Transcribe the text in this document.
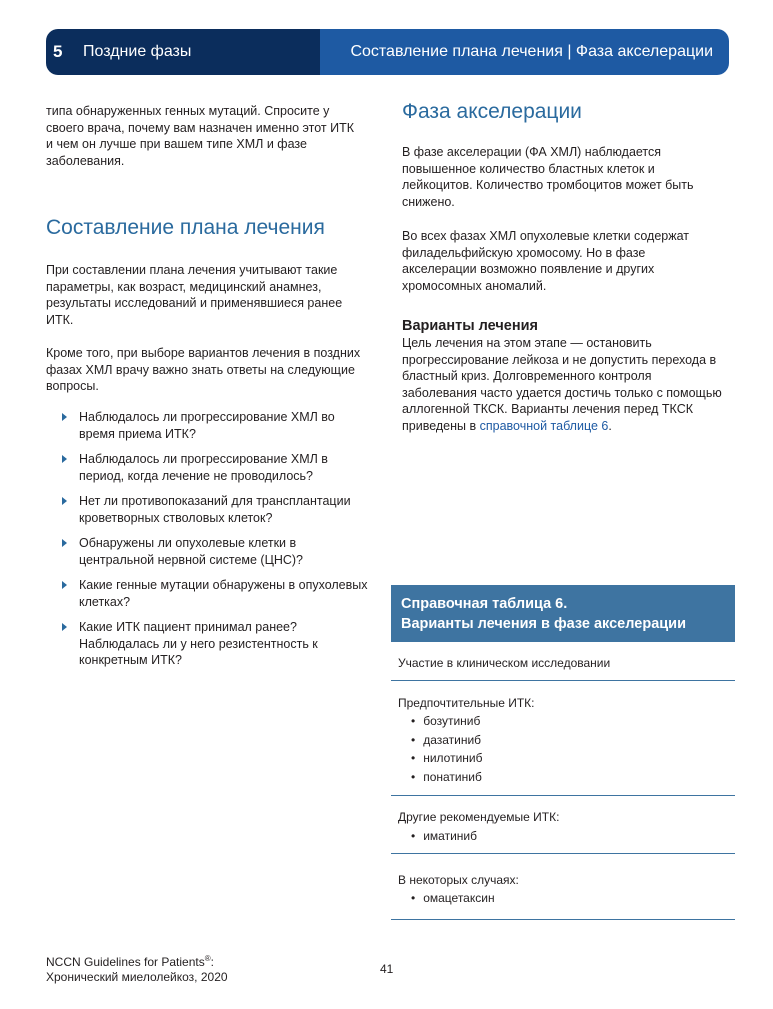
5	Поздние фазы	Составление плана лечения | Фаза акселерации
типа обнаруженных генных мутаций. Спросите у своего врача, почему вам назначен именно этот ИТК и чем он лучше при вашем типе ХМЛ и фазе заболевания.
Составление плана лечения
При составлении плана лечения учитывают такие параметры, как возраст, медицинский анамнез, результаты исследований и применявшиеся ранее ИТК.
Кроме того, при выборе вариантов лечения в поздних фазах ХМЛ врачу важно знать ответы на следующие вопросы.
Наблюдалось ли прогрессирование ХМЛ во время приема ИТК?
Наблюдалось ли прогрессирование ХМЛ в период, когда лечение не проводилось?
Нет ли противопоказаний для трансплантации кроветворных стволовых клеток?
Обнаружены ли опухолевые клетки в центральной нервной системе (ЦНС)?
Какие генные мутации обнаружены в опухолевых клетках?
Какие ИТК пациент принимал ранее? Наблюдалась ли у него резистентность к конкретным ИТК?
Фаза акселерации
В фазе акселерации (ФА ХМЛ) наблюдается повышенное количество бластных клеток и лейкоцитов. Количество тромбоцитов может быть снижено.
Во всех фазах ХМЛ опухолевые клетки содержат филадельфийскую хромосому. Но в фазе акселерации возможно появление и других хромосомных аномалий.
Варианты лечения
Цель лечения на этом этапе — остановить прогрессирование лейкоза и не допустить перехода в бластный криз. Долговременного контроля заболевания часто удается достичь только с помощью аллогенной ТКСК. Варианты лечения перед ТКСК приведены в справочной таблице 6.
Справочная таблица 6.
Варианты лечения в фазе акселерации
Участие в клиническом исследовании
Предпочтительные ИТК:
• бозутиниб
• дазатиниб
• нилотиниб
• понатиниб
Другие рекомендуемые ИТК:
• иматиниб
В некоторых случаях:
• омацетаксин
NCCN Guidelines for Patients®:
Хронический миелолейкоз, 2020
41
